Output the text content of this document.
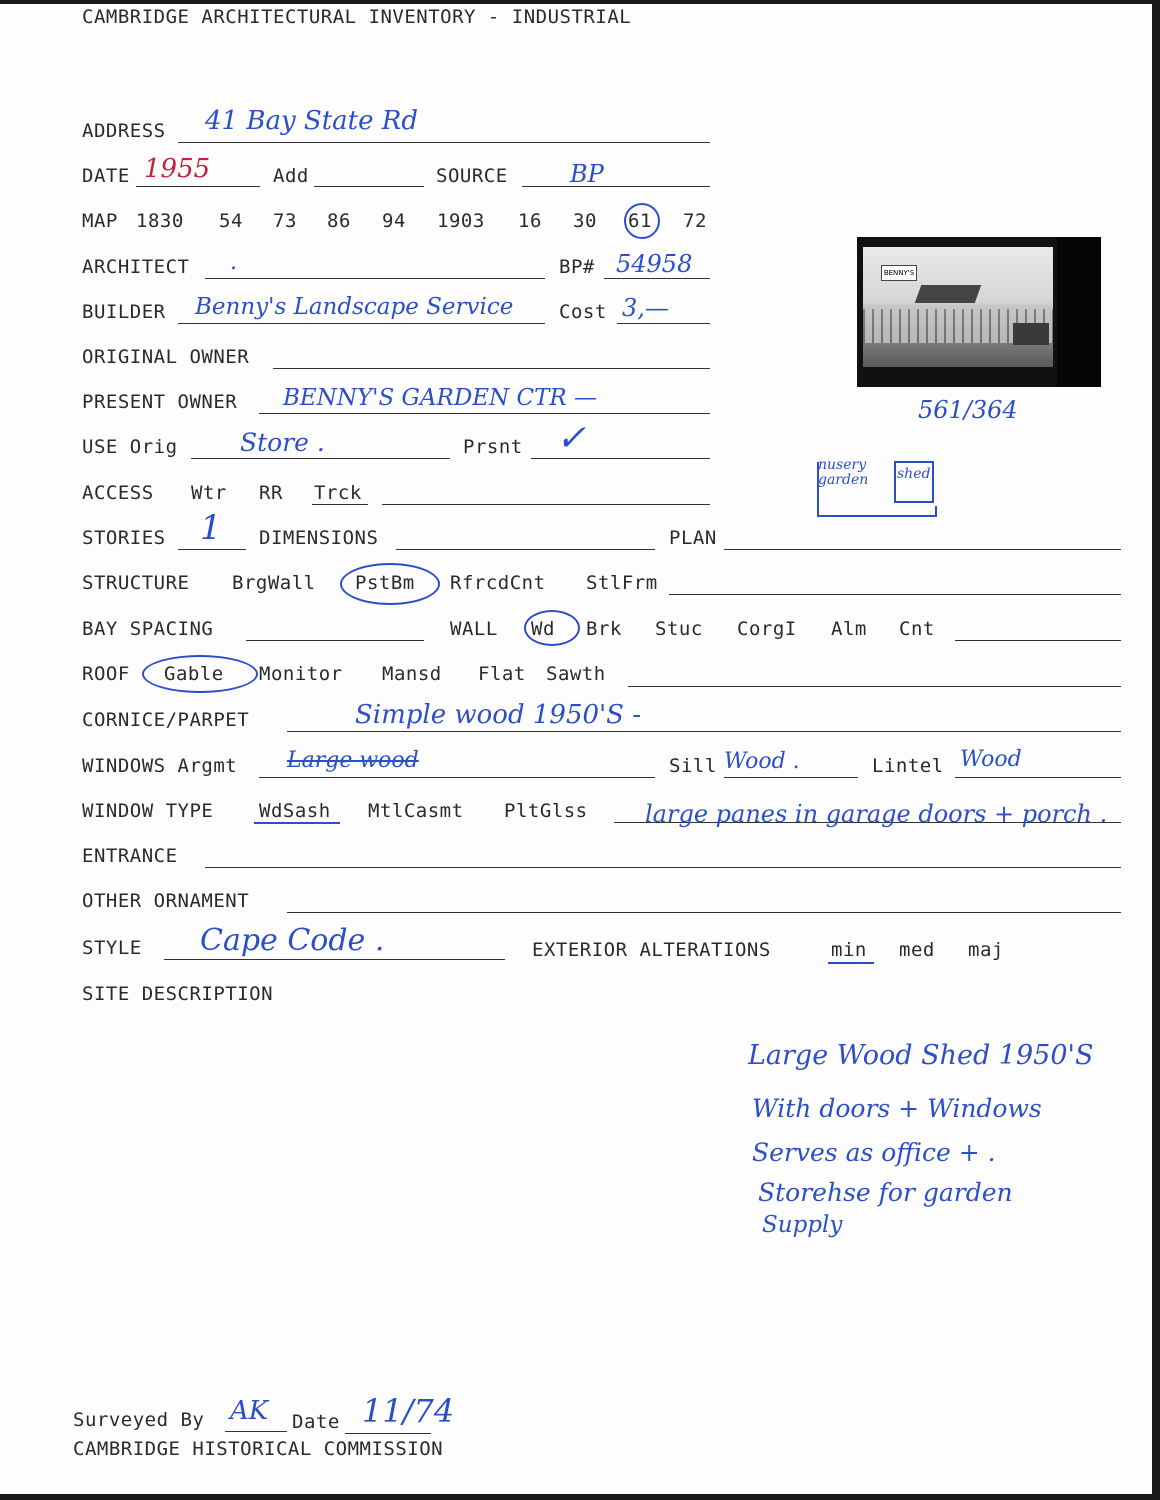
CAMBRIDGE ARCHITECTURAL INVENTORY - INDUSTRIAL
ADDRESS 41 Bay State Rd
DATE 1955	Add	SOURCE	BP
MAP 1830 54 73 86 94 1903 16 30 61 72
ARCHITECT .	BP# 54958
BUILDER Benny's Landscape Service Cost 3,—
ORIGINAL OWNER
PRESENT OWNER BENNY'S GARDEN CTR —
USE Orig Store .	Prsnt ✓
ACCESS Wtr RR Trck
STORIES 1 DIMENSIONS	PLAN
STRUCTURE BrgWall PstBm RfrcdCnt StlFrm
BAY SPACING	WALL Wd Brk Stuc CorgI Alm Cnt
ROOF Gable Monitor Mansd Flat Sawth
CORNICE/PARPET	Simple wood 1950'S -
WINDOWS Argmt Large wood	Sill Wood .	Lintel Wood
WINDOW TYPE WdSash MtlCasmt PltGlss large panes in garage doors + porch .
ENTRANCE
OTHER ORNAMENT
STYLE Cape Code .	EXTERIOR ALTERATIONS	min med maj
SITE DESCRIPTION
BENNY'S
561/364
nusery garden	shed
Large Wood Shed 1950'S
With doors + Windows
Serves as office + .
Storehse for garden
Supply
Surveyed By AK Date 11/74
CAMBRIDGE HISTORICAL COMMISSION
